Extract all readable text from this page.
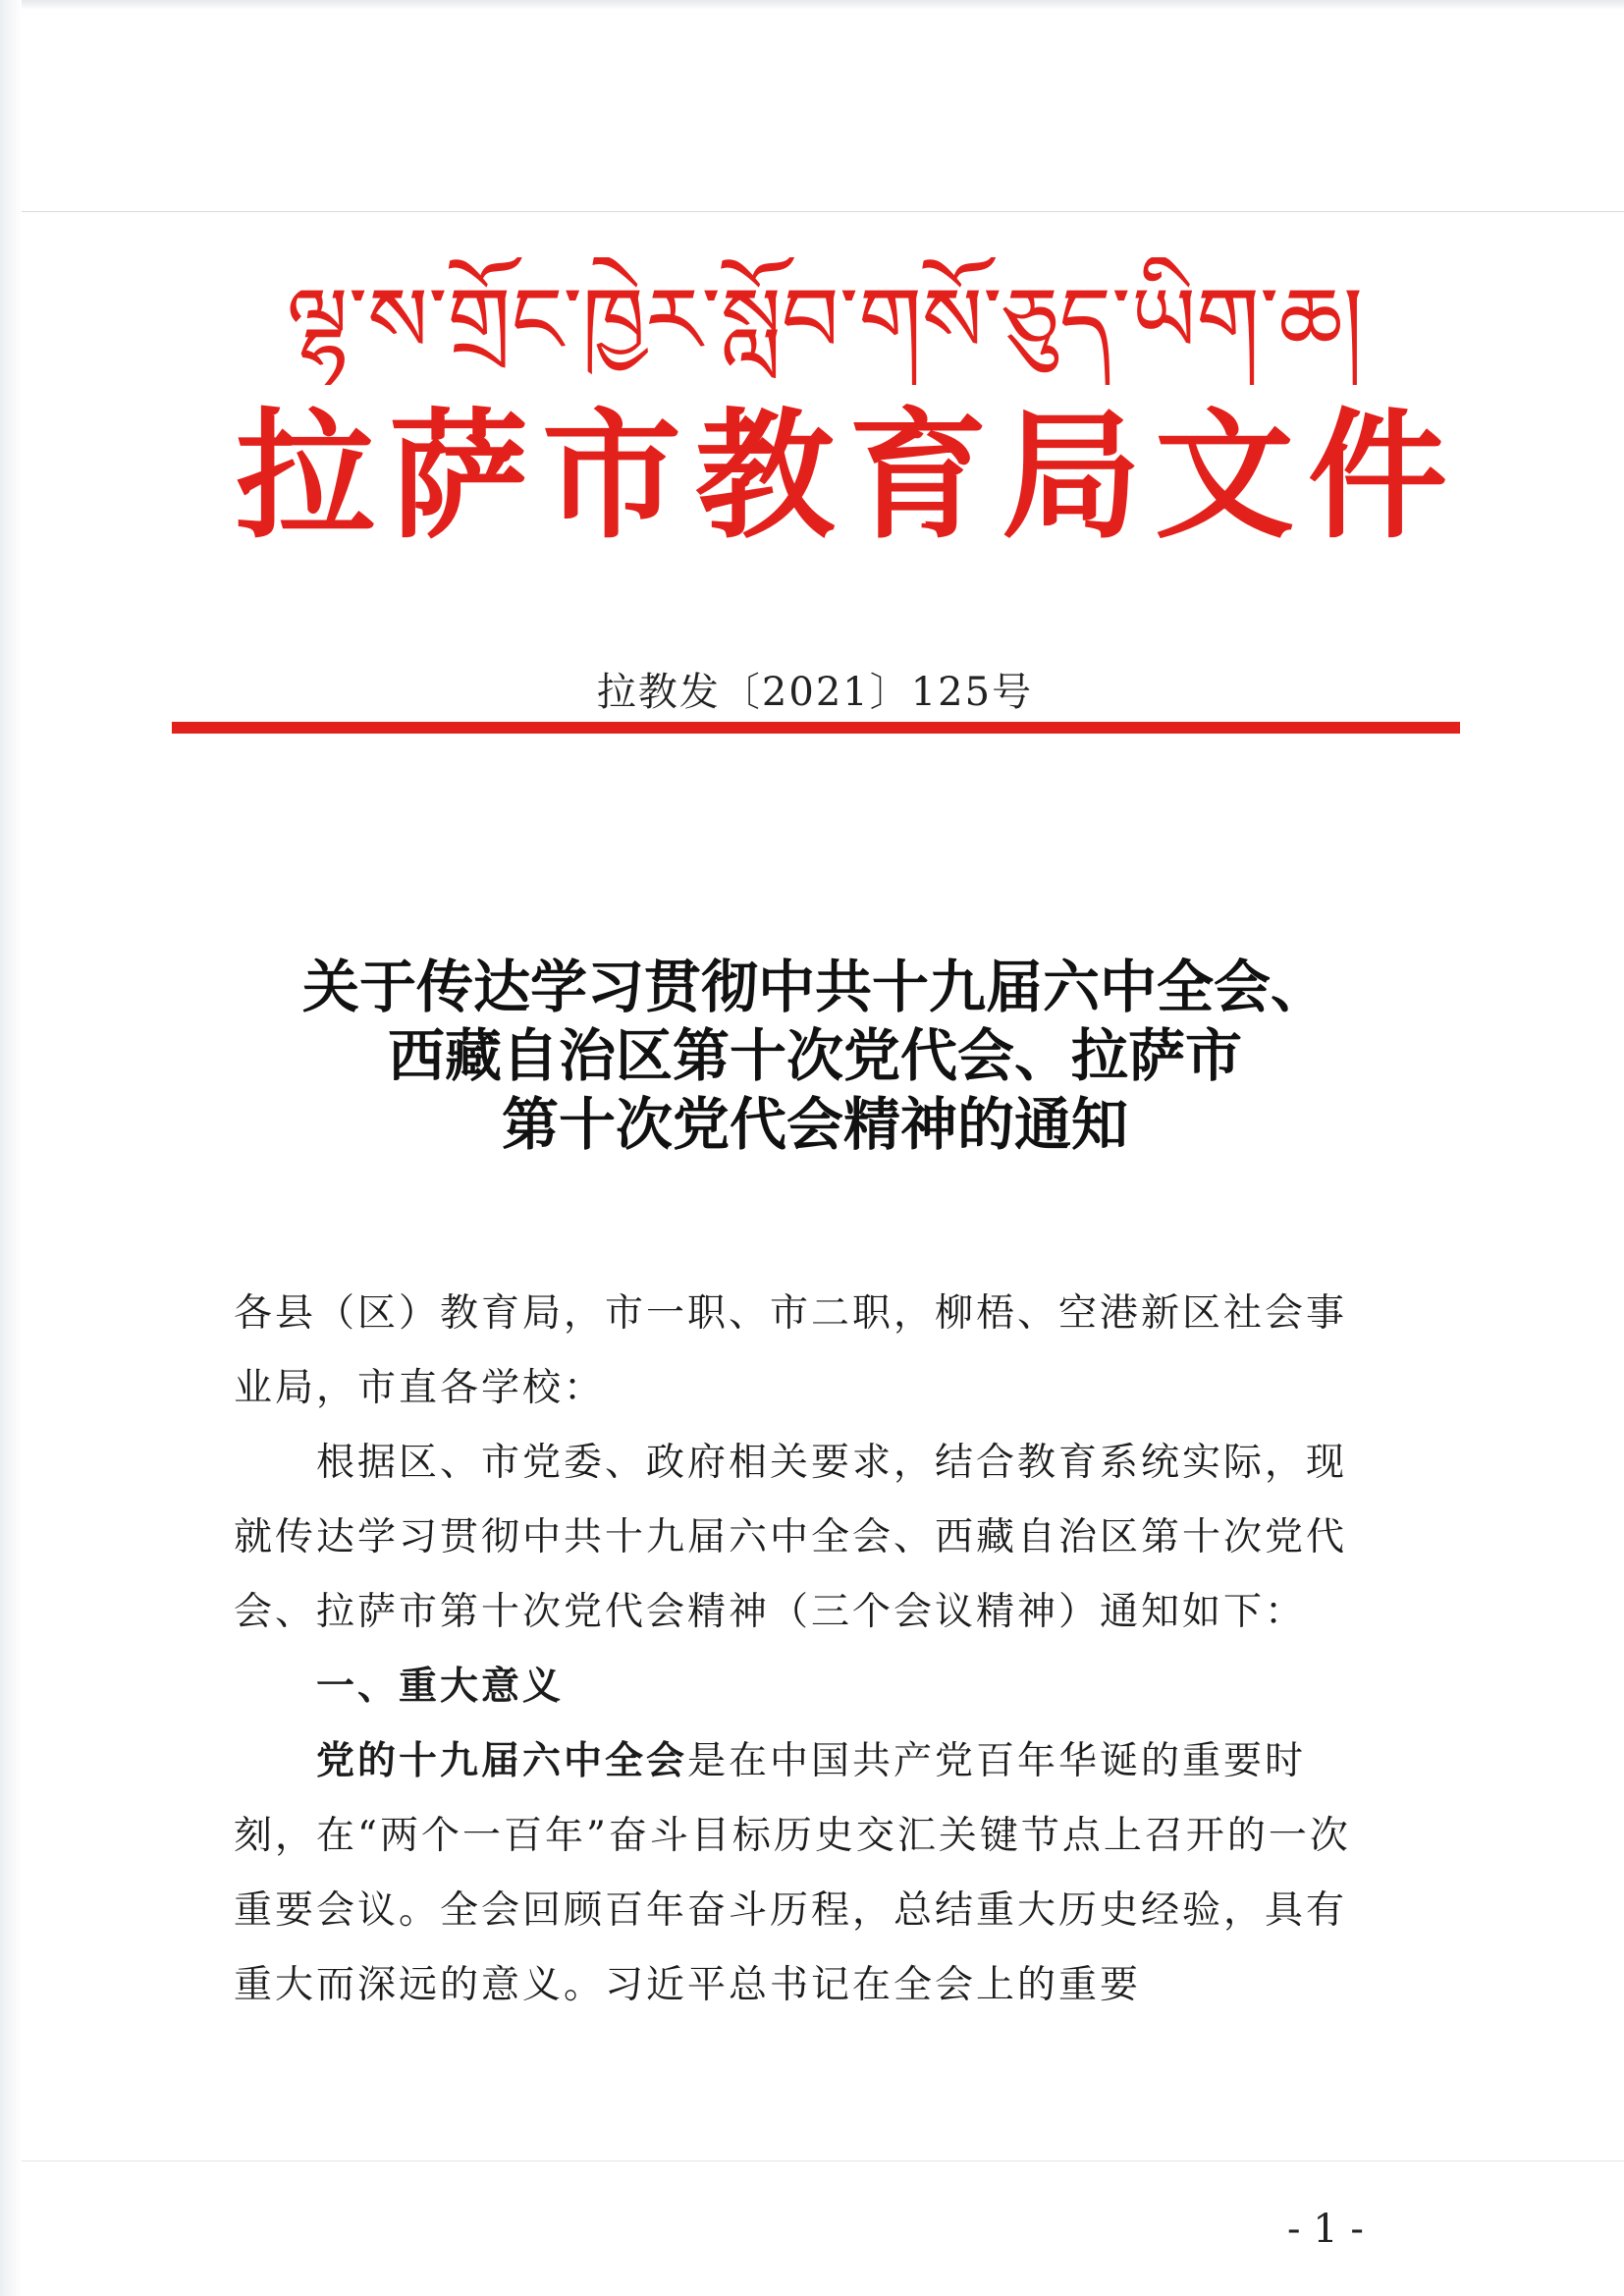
ལྷ་ས་གྲོང་ཁྱེར་སློབ་གསོ་ཅུད་ཡིག་ཆ།
拉萨市教育局文件
拉教发〔2021〕125号
关于传达学习贯彻中共十九届六中全会、
西藏自治区第十次党代会、拉萨市
第十次党代会精神的通知

各县（区）教育局，市一职、市二职，柳梧、空港新区社会事业局，市直各学校：

根据区、市党委、政府相关要求，结合教育系统实际，现就传达学习贯彻中共十九届六中全会、西藏自治区第十次党代会、拉萨市第十次党代会精神（三个会议精神）通知如下：

一、重大意义

党的十九届六中全会是在中国共产党百年华诞的重要时刻，在“两个一百年”奋斗目标历史交汇关键节点上召开的一次重要会议。全会回顾百年奋斗历程，总结重大历史经验，具有重大而深远的意义。习近平总书记在全会上的重要

- 1 -
